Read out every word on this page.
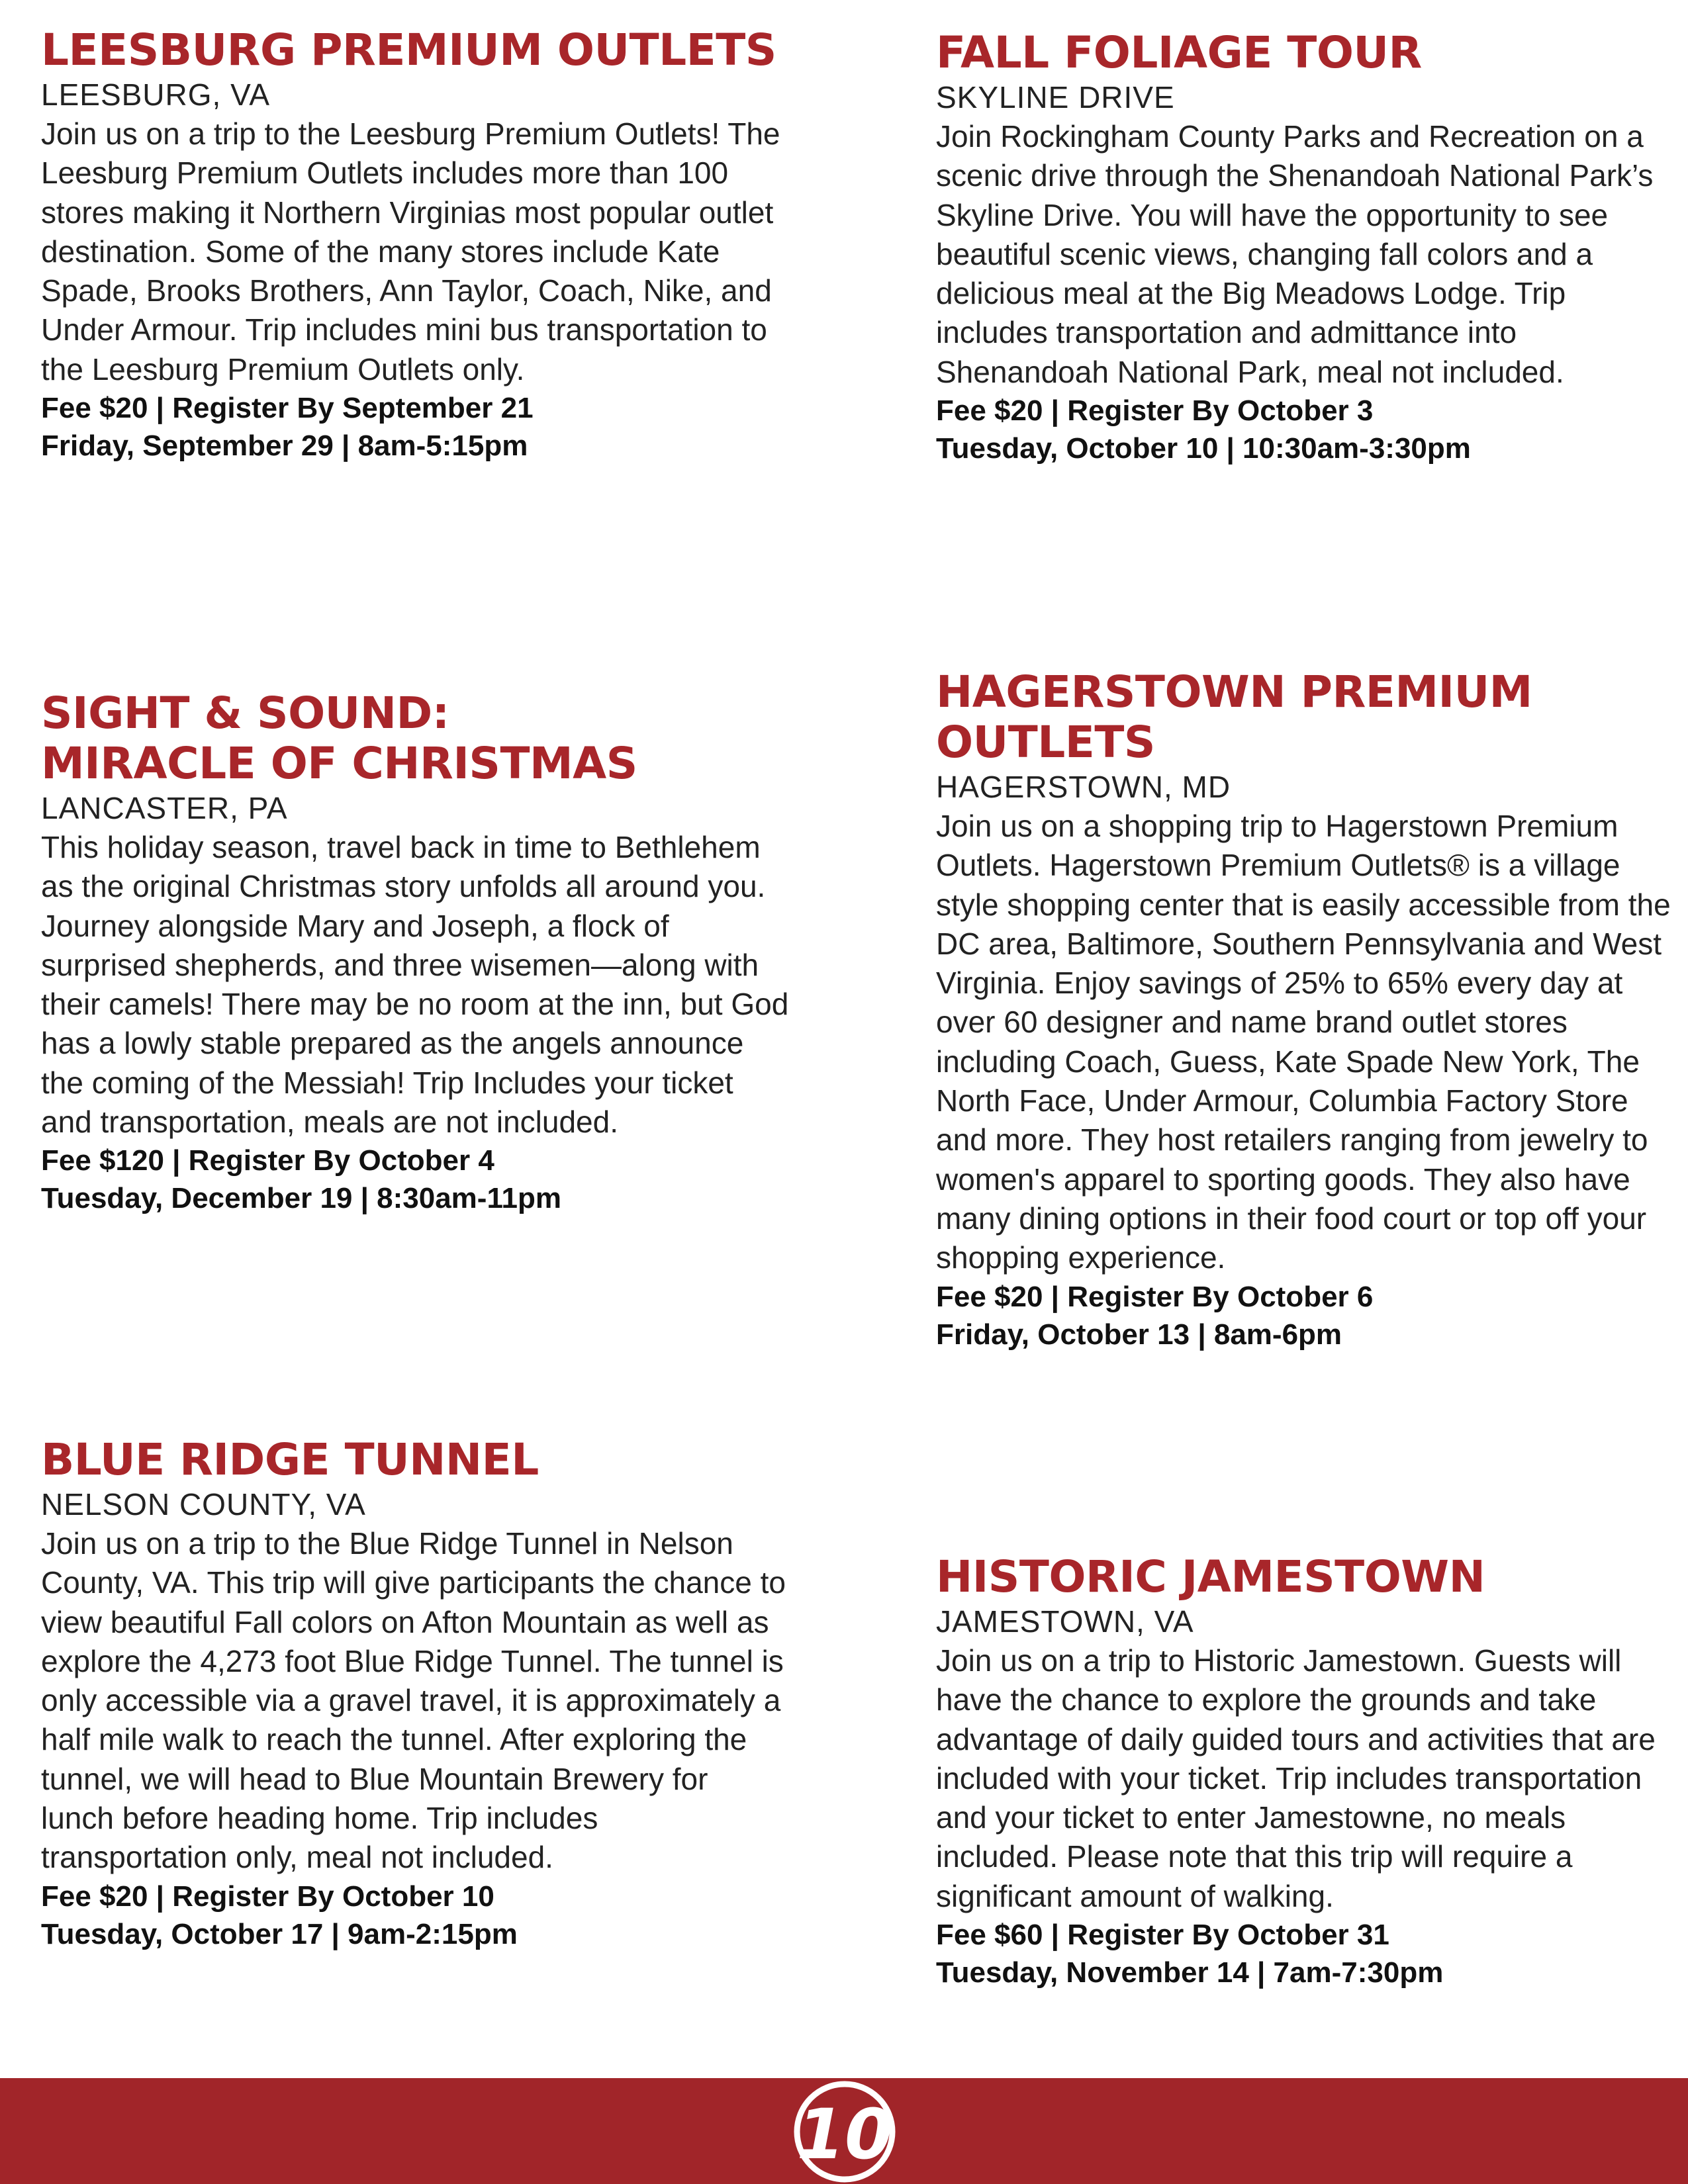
LEESBURG PREMIUM OUTLETS

LEESBURG, VA

Join us on a trip to the Leesburg Premium Outlets! The Leesburg Premium Outlets includes more than 100 stores making it Northern Virginias most popular outlet destination. Some of the many stores include Kate Spade, Brooks Brothers, Ann Taylor, Coach, Nike, and Under Armour. Trip includes mini bus transportation to the Leesburg Premium Outlets only.

Fee $20 | Register By September 21

Friday, September 29 | 8am-5:15pm

FALL FOLIAGE TOUR

SKYLINE DRIVE

Join Rockingham County Parks and Recreation on a scenic drive through the Shenandoah National Park’s Skyline Drive. You will have the opportunity to see beautiful scenic views, changing fall colors and a delicious meal at the Big Meadows Lodge. Trip includes transportation and admittance into Shenandoah National Park, meal not included.

Fee $20 | Register By October 3

Tuesday, October 10 | 10:30am-3:30pm

SIGHT & SOUND:
MIRACLE OF CHRISTMAS

LANCASTER, PA

This holiday season, travel back in time to Bethlehem as the original Christmas story unfolds all around you. Journey alongside Mary and Joseph, a flock of surprised shepherds, and three wisemen—along with their camels! There may be no room at the inn, but God has a lowly stable prepared as the angels announce the coming of the Messiah! Trip Includes your ticket and transportation, meals are not included.

Fee $120 | Register By October 4

Tuesday, December 19 | 8:30am-11pm

HAGERSTOWN PREMIUM
OUTLETS

HAGERSTOWN, MD

Join us on a shopping trip to Hagerstown Premium Outlets. Hagerstown Premium Outlets® is a village style shopping center that is easily accessible from the DC area, Baltimore, Southern Pennsylvania and West Virginia. Enjoy savings of 25% to 65% every day at over 60 designer and name brand outlet stores including Coach, Guess, Kate Spade New York, The North Face, Under Armour, Columbia Factory Store and more. They host retailers ranging from jewelry to women's apparel to sporting goods. They also have many dining options in their food court or top off your shopping experience.

Fee $20 | Register By October 6

Friday, October 13 | 8am-6pm

BLUE RIDGE TUNNEL

NELSON COUNTY, VA

Join us on a trip to the Blue Ridge Tunnel in Nelson County, VA. This trip will give participants the chance to view beautiful Fall colors on Afton Mountain as well as explore the 4,273 foot Blue Ridge Tunnel. The tunnel is only accessible via a gravel travel, it is approximately a half mile walk to reach the tunnel. After exploring the tunnel, we will head to Blue Mountain Brewery for lunch before heading home. Trip includes transportation only, meal not included.

Fee $20 | Register By October 10

Tuesday, October 17 | 9am-2:15pm

HISTORIC JAMESTOWN

JAMESTOWN, VA

Join us on a trip to Historic Jamestown. Guests will have the chance to explore the grounds and take advantage of daily guided tours and activities that are included with your ticket. Trip includes transportation and your ticket to enter Jamestowne, no meals included. Please note that this trip will require a significant amount of walking.

Fee $60 | Register By October 31

Tuesday, November 14 | 7am-7:30pm

10
